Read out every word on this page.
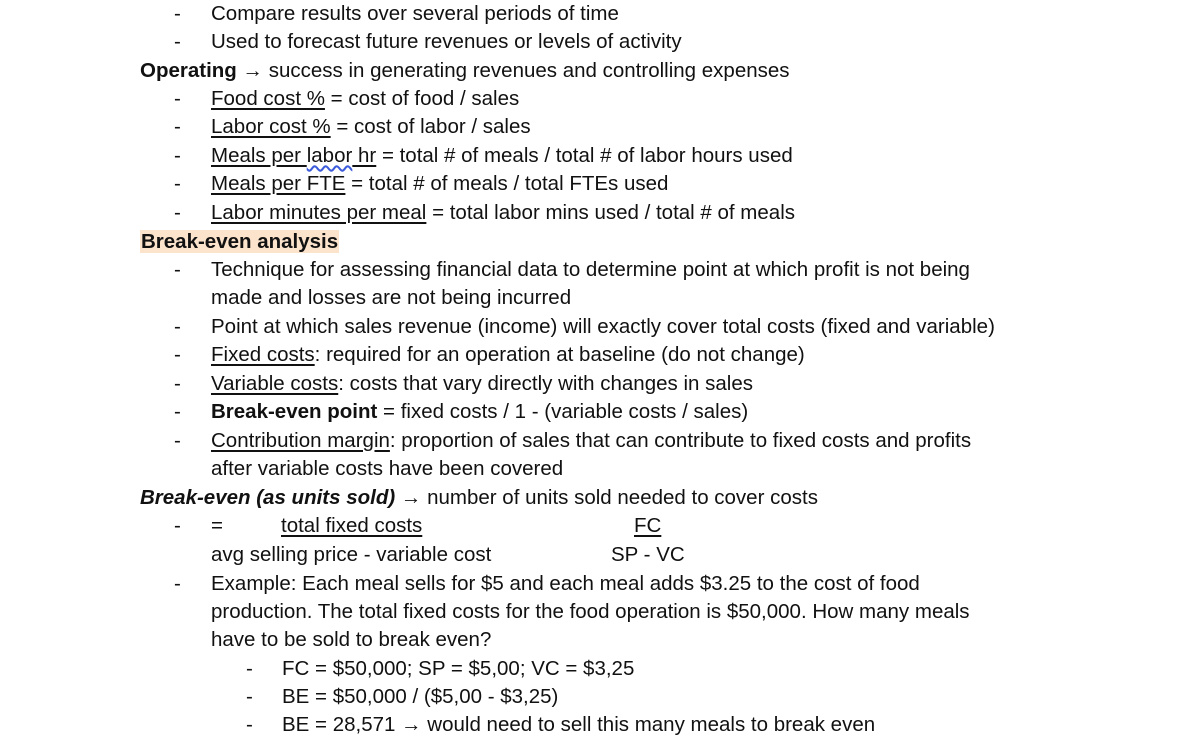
- Compare results over several periods of time
- Used to forecast future revenues or levels of activity
Operating → success in generating revenues and controlling expenses
- Food cost % = cost of food / sales
- Labor cost % = cost of labor / sales
- Meals per labor hr = total # of meals / total # of labor hours used
- Meals per FTE = total # of meals / total FTEs used
- Labor minutes per meal = total labor mins used / total # of meals
Break-even analysis
- Technique for assessing financial data to determine point at which profit is not being
made and losses are not being incurred
- Point at which sales revenue (income) will exactly cover total costs (fixed and variable)
- Fixed costs: required for an operation at baseline (do not change)
- Variable costs: costs that vary directly with changes in sales
- Break-even point = fixed costs / 1 - (variable costs / sales)
- Contribution margin: proportion of sales that can contribute to fixed costs and profits
after variable costs have been covered
Break-even (as units sold) → number of units sold needed to cover costs
- =	total fixed costs	FC
avg selling price - variable cost	SP - VC
- Example: Each meal sells for $5 and each meal adds $3.25 to the cost of food
production. The total fixed costs for the food operation is $50,000. How many meals
have to be sold to break even?
- FC = $50,000; SP = $5,00; VC = $3,25
- BE = $50,000 / ($5,00 - $3,25)
- BE = 28,571 → would need to sell this many meals to break even
